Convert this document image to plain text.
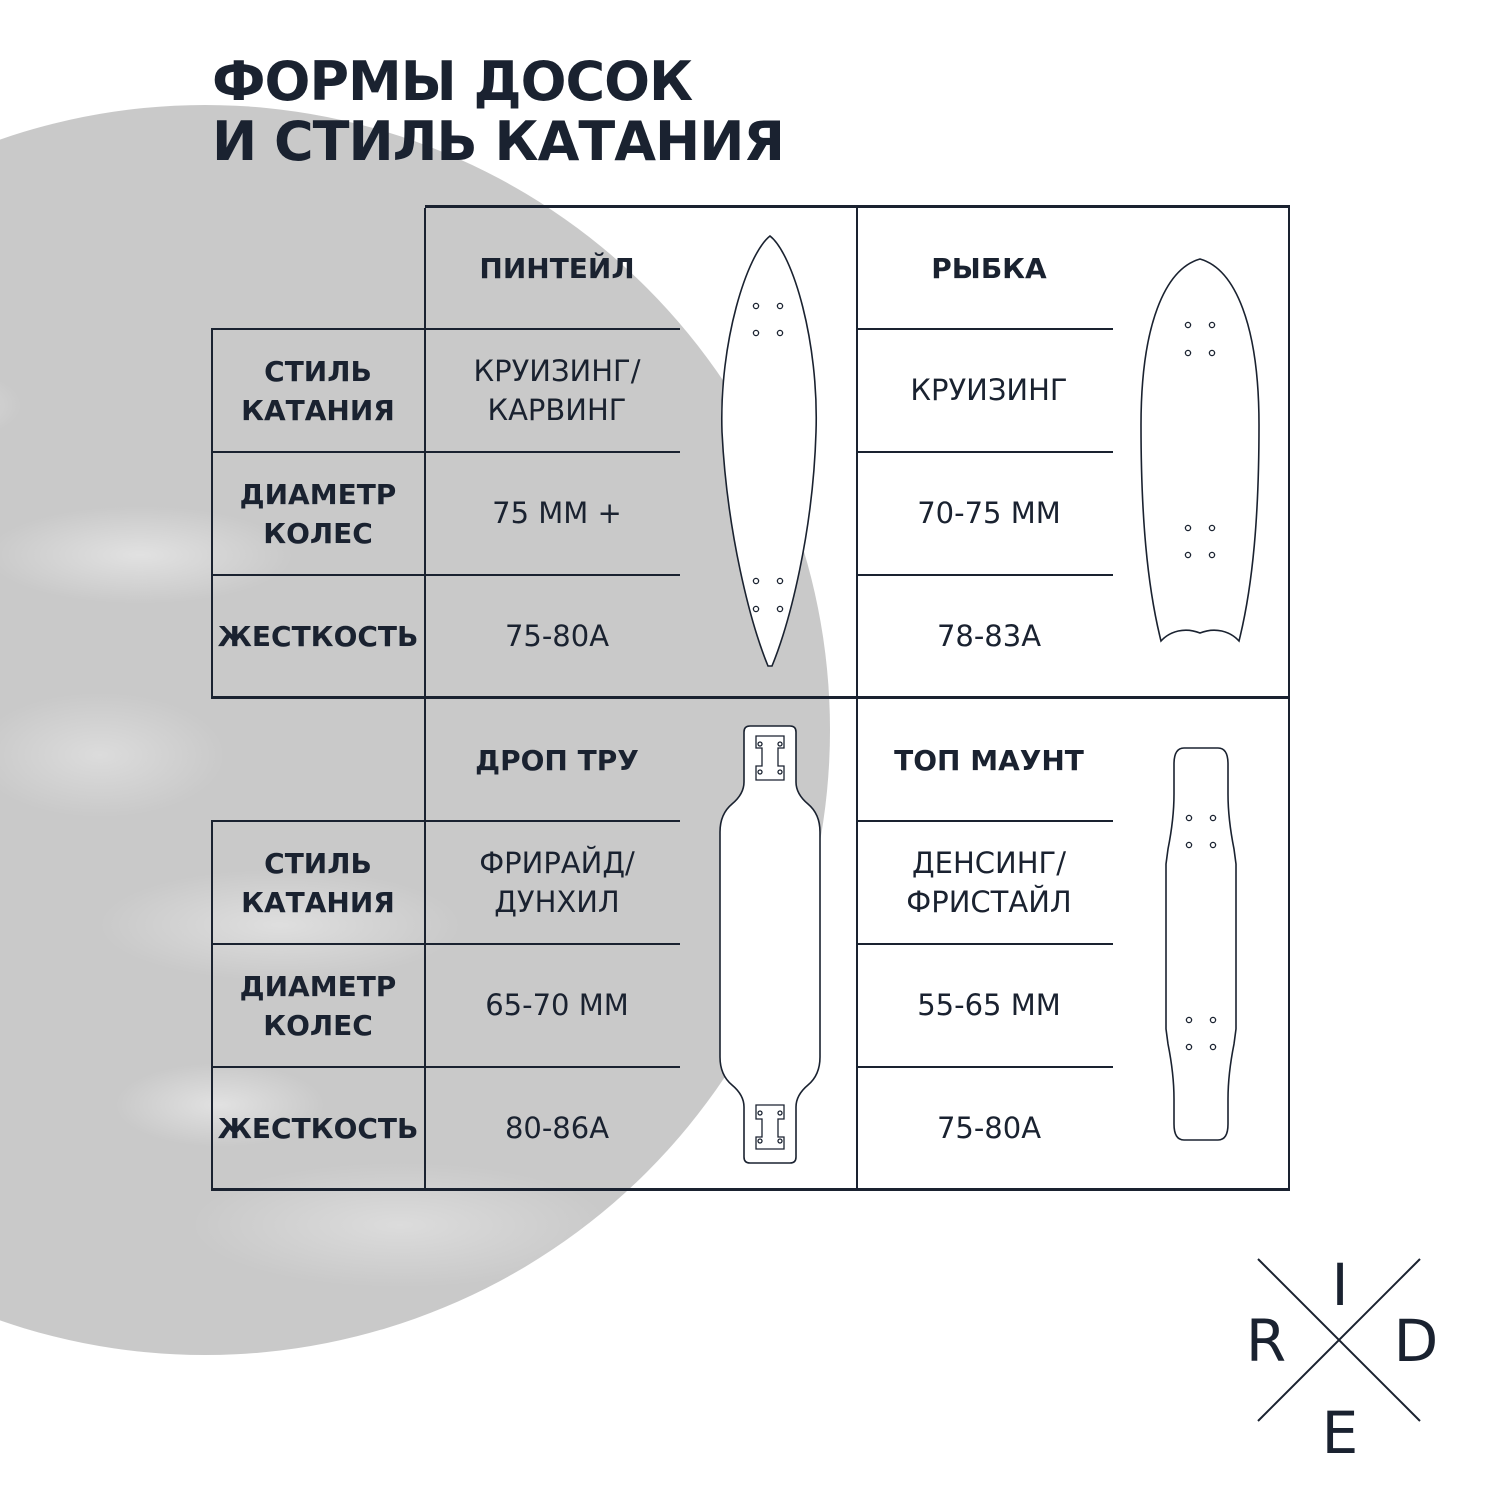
ФОРМЫ ДОСОК
И СТИЛЬ КАТАНИЯ
СТИЛЬ
КАТАНИЯ
ДИАМЕТР
КОЛЕС
ЖЕСТКОСТЬ
СТИЛЬ
КАТАНИЯ
ДИАМЕТР
КОЛЕС
ЖЕСТКОСТЬ
ПИНТЕЙЛ
КРУИЗИНГ/
КАРВИНГ
75 ММ +
75-80А
РЫБКА
КРУИЗИНГ
70-75 ММ
78-83А
ДРОП ТРУ
ФРИРАЙД/
ДУНХИЛ
65-70 ММ
80-86А
ТОП МАУНТ
ДЕНСИНГ/
ФРИСТАЙЛ
55-65 ММ
75-80А
I
R D
E
